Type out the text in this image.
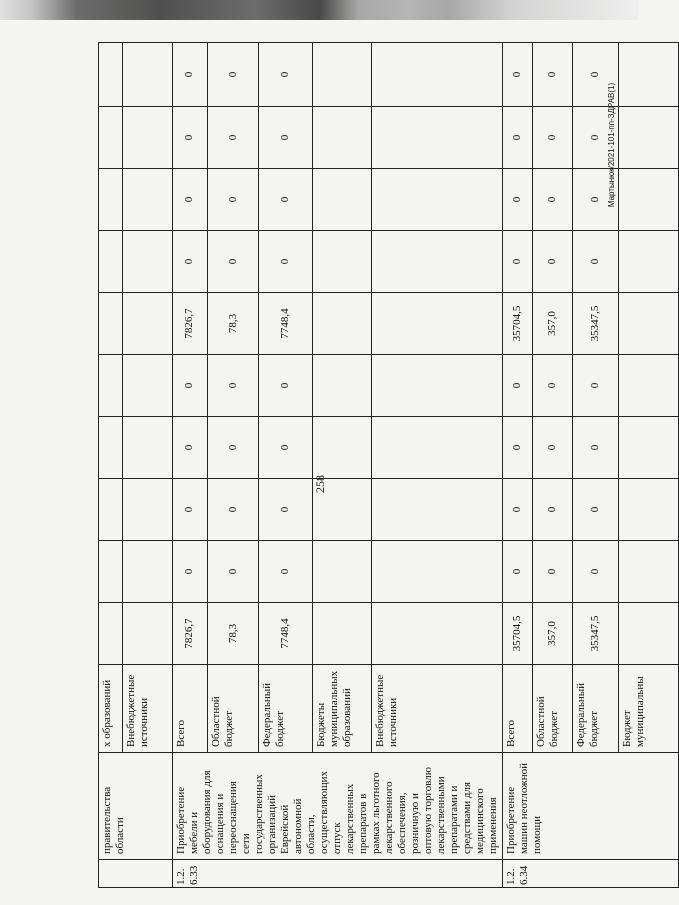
258
Мартынюк/2021-101-пп-ЗДРАВ(1)
	правительства области	х образований										
		Внебюджетные источники										
1.2.6.33	Приобретение мебели и оборудования для оснащения и переоснащения сети государственных организаций Еврейской автономной области, осуществляющих отпуск лекарственных препаратов в рамках льготного лекарственного обеспечения, розничную и оптовую торговлю лекарственными препаратами и средствами для медицинского применения	Всего	7826,7	0	0	0	0	7826,7	0	0	0	0
		Областной бюджет	78,3	0	0	0	0	78,3	0	0	0	0
		Федеральный бюджет	7748,4	0	0	0	0	7748,4	0	0	0	0
		Бюджеты муниципальных образований										
		Внебюджетные источники										
1.2.6.34	Приобретение машин неотложной помощи	Всего	35704,5	0	0	0	0	35704,5	0	0	0	0
		Областной бюджет	357,0	0	0	0	0	357,0	0	0	0	0
		Федеральный бюджет	35347,5	0	0	0	0	35347,5	0	0	0	0
		Бюджет муниципальны										
